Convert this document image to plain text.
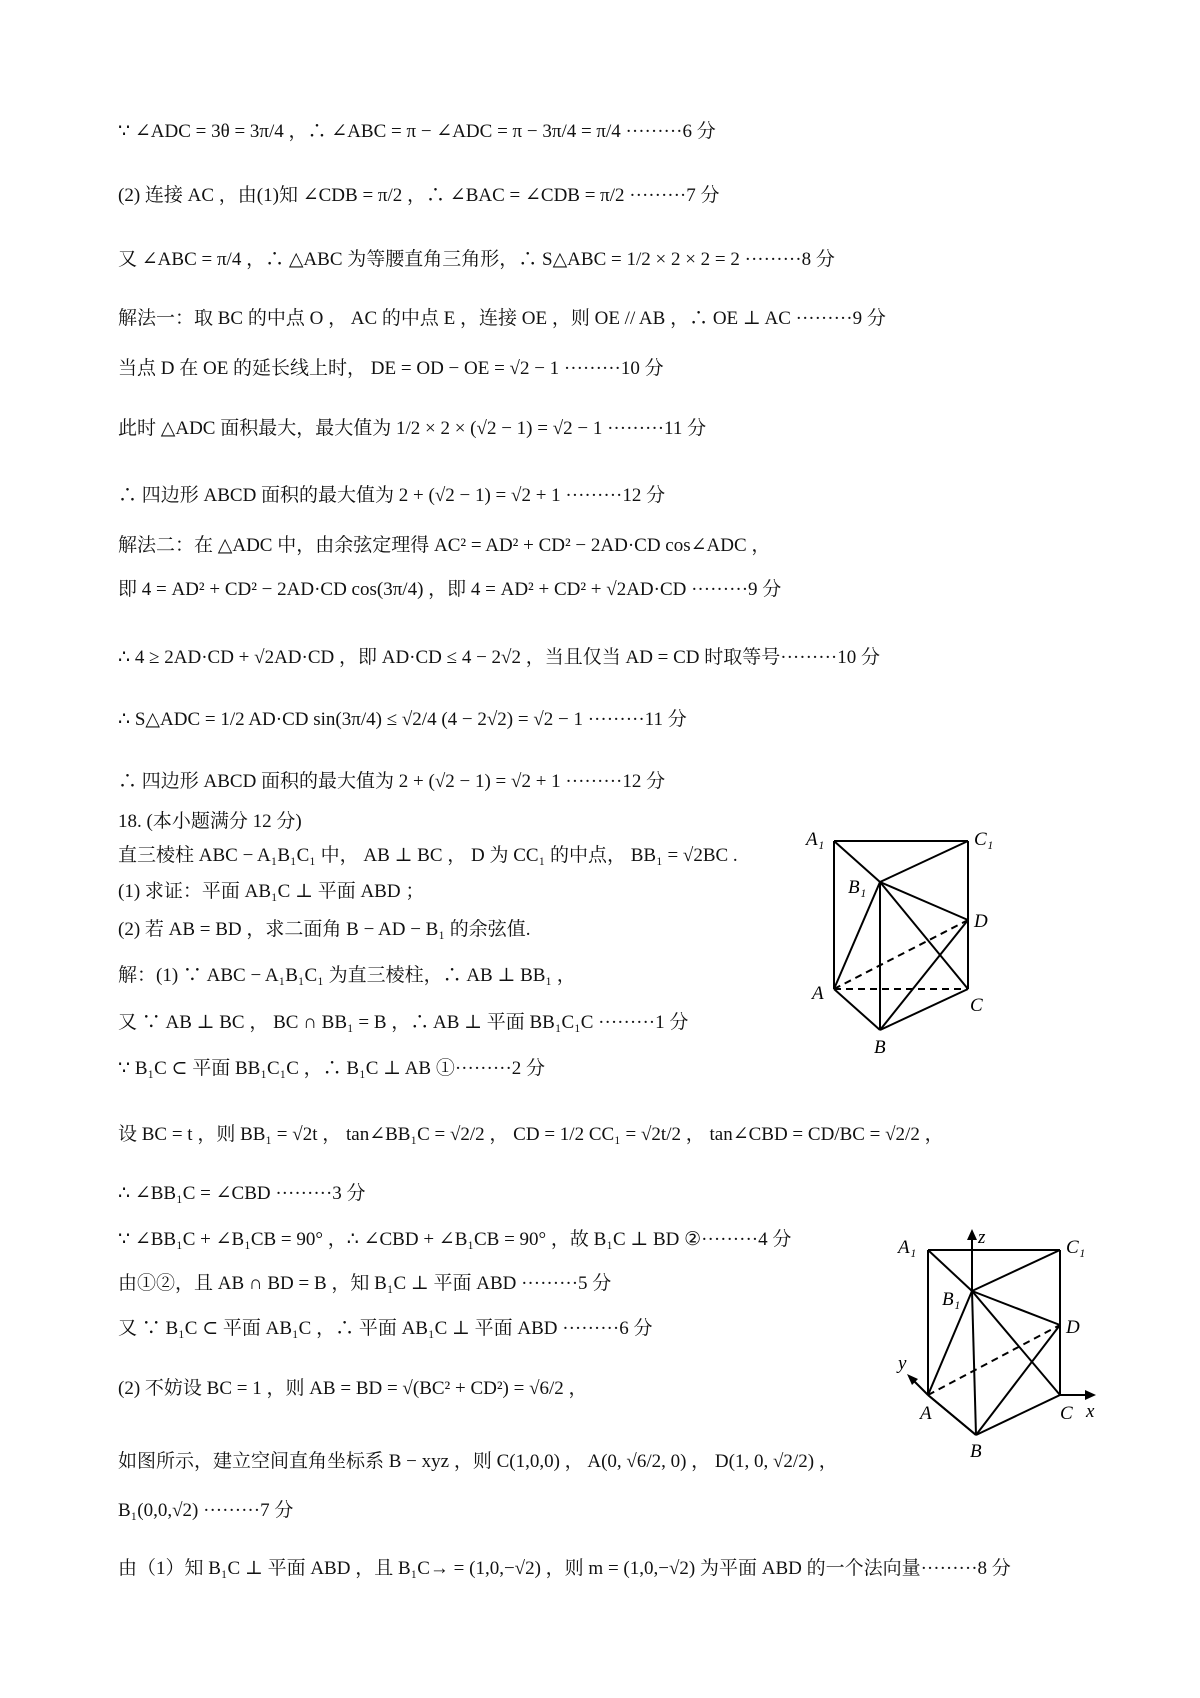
∵ ∠ADC = 3θ = 3π/4 ，∴ ∠ABC = π − ∠ADC = π − 3π/4 = π/4 ·········6 分
(2) 连接 AC ，由(1)知 ∠CDB = π/2 ，∴ ∠BAC = ∠CDB = π/2 ·········7 分
又 ∠ABC = π/4 ，∴ △ABC 为等腰直角三角形，∴ S△ABC = 1/2 × 2 × 2 = 2 ·········8 分
解法一：取 BC 的中点 O ， AC 的中点 E ，连接 OE ，则 OE // AB ，∴ OE ⊥ AC ·········9 分
当点 D 在 OE 的延长线上时， DE = OD − OE = √2 − 1 ·········10 分
此时 △ADC 面积最大，最大值为 1/2 × 2 × (√2 − 1) = √2 − 1 ·········11 分
∴ 四边形 ABCD 面积的最大值为 2 + (√2 − 1) = √2 + 1 ·········12 分
解法二：在 △ADC 中，由余弦定理得 AC² = AD² + CD² − 2AD·CD cos∠ADC ，
即 4 = AD² + CD² − 2AD·CD cos(3π/4) ，即 4 = AD² + CD² + √2AD·CD ·········9 分
∴ 4 ≥ 2AD·CD + √2AD·CD ，即 AD·CD ≤ 4 − 2√2 ，当且仅当 AD = CD 时取等号·········10 分
∴ S△ADC = 1/2 AD·CD sin(3π/4) ≤ √2/4 (4 − 2√2) = √2 − 1 ·········11 分
∴ 四边形 ABCD 面积的最大值为 2 + (√2 − 1) = √2 + 1 ·········12 分
18. (本小题满分 12 分)
直三棱柱 ABC − A₁B₁C₁ 中， AB ⊥ BC ， D 为 CC₁ 的中点， BB₁ = √2BC .
(1) 求证：平面 AB₁C ⊥ 平面 ABD ；
(2) 若 AB = BD ，求二面角 B − AD − B₁ 的余弦值.
解：(1) ∵ ABC − A₁B₁C₁ 为直三棱柱，∴ AB ⊥ BB₁ ，
又 ∵ AB ⊥ BC ， BC ∩ BB₁ = B ，∴ AB ⊥ 平面 BB₁C₁C ·········1 分
∵ B₁C ⊂ 平面 BB₁C₁C ，∴ B₁C ⊥ AB ①·········2 分
设 BC = t ，则 BB₁ = √2t ， tan∠BB₁C = √2/2 ， CD = 1/2 CC₁ = √2t/2 ， tan∠CBD = CD/BC = √2/2 ，
∴ ∠BB₁C = ∠CBD ·········3 分
∵ ∠BB₁C + ∠B₁CB = 90° ，∴ ∠CBD + ∠B₁CB = 90° ，故 B₁C ⊥ BD ②·········4 分
由①②，且 AB ∩ BD = B ，知 B₁C ⊥ 平面 ABD ·········5 分
又 ∵ B₁C ⊂ 平面 AB₁C ，∴ 平面 AB₁C ⊥ 平面 ABD ·········6 分
(2) 不妨设 BC = 1 ，则 AB = BD = √(BC² + CD²) = √6/2 ，
如图所示，建立空间直角坐标系 B − xyz ，则 C(1,0,0) ， A(0, √6/2, 0) ， D(1, 0, √2/2) ，
B₁(0,0,√2) ·········7 分
由（1）知 B₁C ⊥ 平面 ABD ，且 B₁C→ = (1,0,−√2) ，则 m = (1,0,−√2) 为平面 ABD 的一个法向量·········8 分
A₁	C₁
B₁
D
A
C
B
z
x
y
A₁	C₁
B₁
D
A	C
B
